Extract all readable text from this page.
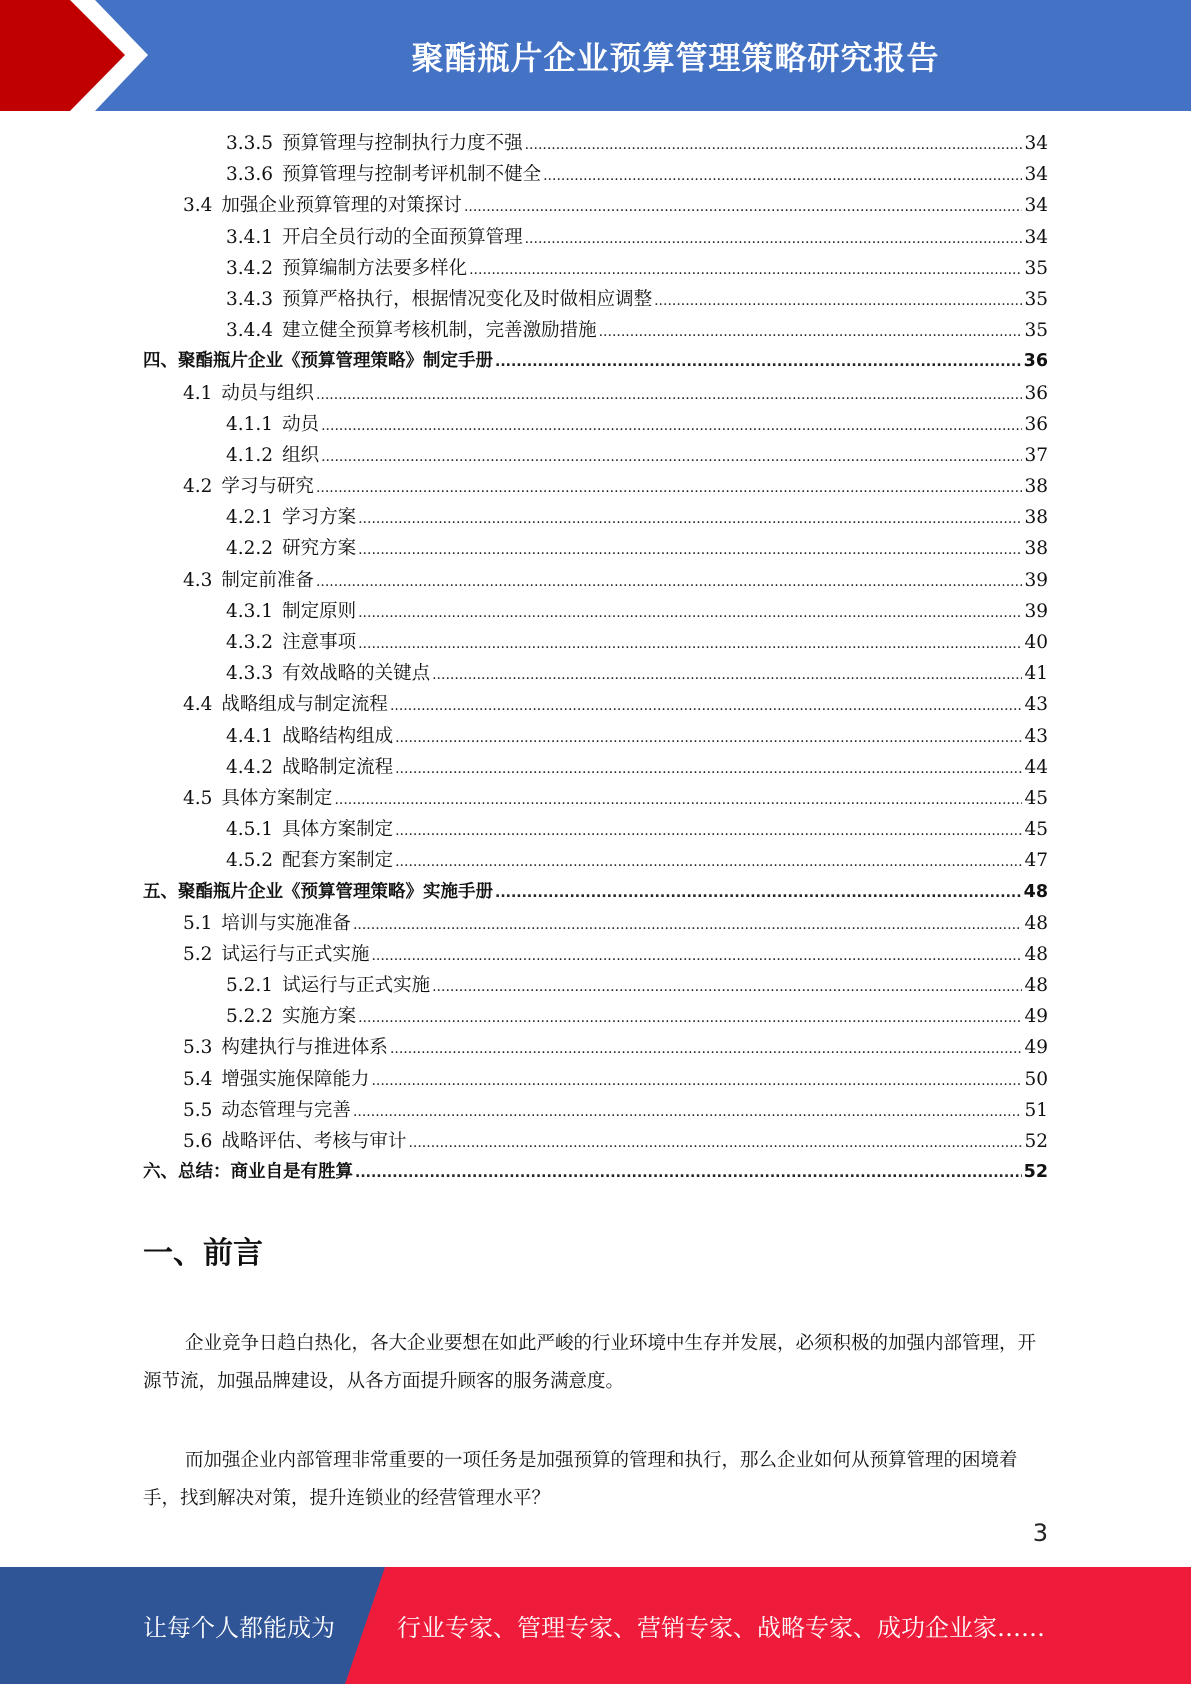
聚酯瓶片企业预算管理策略研究报告
3.3.5 预算管理与控制执行力度不强 .....	34
3.3.6 预算管理与控制考评机制不健全 .....	34
3.4 加强企业预算管理的对策探讨 .....	34
3.4.1 开启全员行动的全面预算管理 .....	34
3.4.2 预算编制方法要多样化 .....	35
3.4.3 预算严格执行，根据情况变化及时做相应调整 .....	35
3.4.4 建立健全预算考核机制，完善激励措施 .....	35
四、聚酯瓶片企业《预算管理策略》制定手册 .....	36
4.1 动员与组织 .....	36
4.1.1 动员 .....	36
4.1.2 组织 .....	37
4.2 学习与研究 .....	38
4.2.1 学习方案 .....	38
4.2.2 研究方案 .....	38
4.3 制定前准备 .....	39
4.3.1 制定原则 .....	39
4.3.2 注意事项 .....	40
4.3.3 有效战略的关键点 .....	41
4.4 战略组成与制定流程 .....	43
4.4.1 战略结构组成 .....	43
4.4.2 战略制定流程 .....	44
4.5 具体方案制定 .....	45
4.5.1 具体方案制定 .....	45
4.5.2 配套方案制定 .....	47
五、聚酯瓶片企业《预算管理策略》实施手册 .....	48
5.1 培训与实施准备 .....	48
5.2 试运行与正式实施 .....	48
5.2.1 试运行与正式实施 .....	48
5.2.2 实施方案 .....	49
5.3 构建执行与推进体系 .....	49
5.4 增强实施保障能力 .....	50
5.5 动态管理与完善 .....	51
5.6 战略评估、考核与审计 .....	52
六、总结：商业自是有胜算 .....	52
一、前言
企业竞争日趋白热化，各大企业要想在如此严峻的行业环境中生存并发展，必须积极的加强内部管理，开源节流，加强品牌建设，从各方面提升顾客的服务满意度。
而加强企业内部管理非常重要的一项任务是加强预算的管理和执行，那么企业如何从预算管理的困境着手，找到解决对策，提升连锁业的经营管理水平？
3
让每个人都能成为	行业专家、管理专家、营销专家、战略专家、成功企业家……
